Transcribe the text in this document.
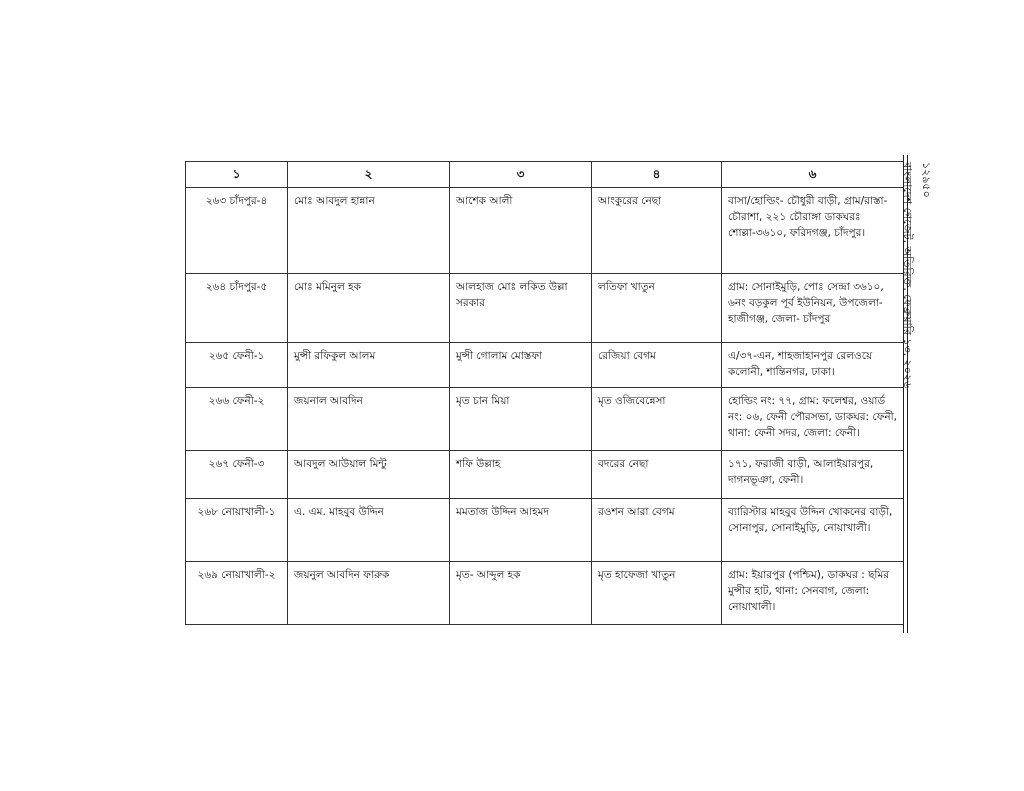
১	২	৩	৪	৬
২৬৩ চাঁদপুর-৪	মোঃ আবদুল হান্নান	আশেক আলী	আংকুরের নেছা	বাসা/হোল্ডিং- চৌধুরী বাড়ী, গ্রাম/রাস্তা- চৌরাশা, ২২১ চৌরাঙ্গা ডাকঘরঃ শোল্লা-৩৬১০, ফরিদগঞ্জ, চাঁদপুর।
২৬৪ চাঁদপুর-৫	মোঃ মমিনুল হক	আলহাজ মোঃ লকিত উল্লা সরকার	লতিফা খাতুন	গ্রাম: সোনাইমুড়ি, পোঃ সেন্দ্রা ৩৬১০, ৬নং বড়কুল পূর্ব ইউনিয়ন, উপজেলা- হাজীগঞ্জ, জেলা- চাঁদপুর
২৬৫ ফেনী-১	মুন্সী রফিকুল আলম	মুন্সী গোলাম মোস্তফা	রেজিয়া বেগম	এ/৩৭-এন, শাহজাহানপুর রেলওয়ে কলোনী, শান্তিনগর, ঢাকা।
২৬৬ ফেনী-২	জয়নাল আবদিন	মৃত চান মিয়া	মৃত ওজিবেন্নেসা	হোল্ডিং নং: ৭৭, গ্রাম: ফলেশ্বর, ওয়ার্ড নং: ০৬, ফেনী পৌরসভা, ডাকঘর: ফেনী, থানা: ফেনী সদর, জেলা: ফেনী।
২৬৭ ফেনী-৩	আবদুল আউয়াল মিন্টু	শফি উল্লাহ	বদরের নেছা	১৭১, ফরাজী বাড়ী, আলাইয়ারপুর, দাগনভূঞা, ফেনী।
২৬৮ নোয়াখালী-১	এ. এম. মাহবুব উদ্দিন	মমতাজ উদ্দিন আহমদ	রওশন আরা বেগম	ব্যারিস্টার মাহবুব উদ্দিন খোকনের বাড়ী, সোনাপুর, সোনাইমুড়ি, নোয়াখালী।
২৬৯ নোয়াখালী-২	জয়নুল আবদিন ফারুক	মৃত- আব্দুল হক	মৃত হাফেজা খাতুন	গ্রাম: ইয়ারপুর (পশ্চিম), ডাকঘর : ছমির মুন্সীর হাট, থানা: সেনবাগ, জেলা: নোয়াখালী।
১২৯৫০
বাংলাদেশ গেজেট, অতিরিক্ত, ফেব্রুয়ারি ১৩, ২০২৬
